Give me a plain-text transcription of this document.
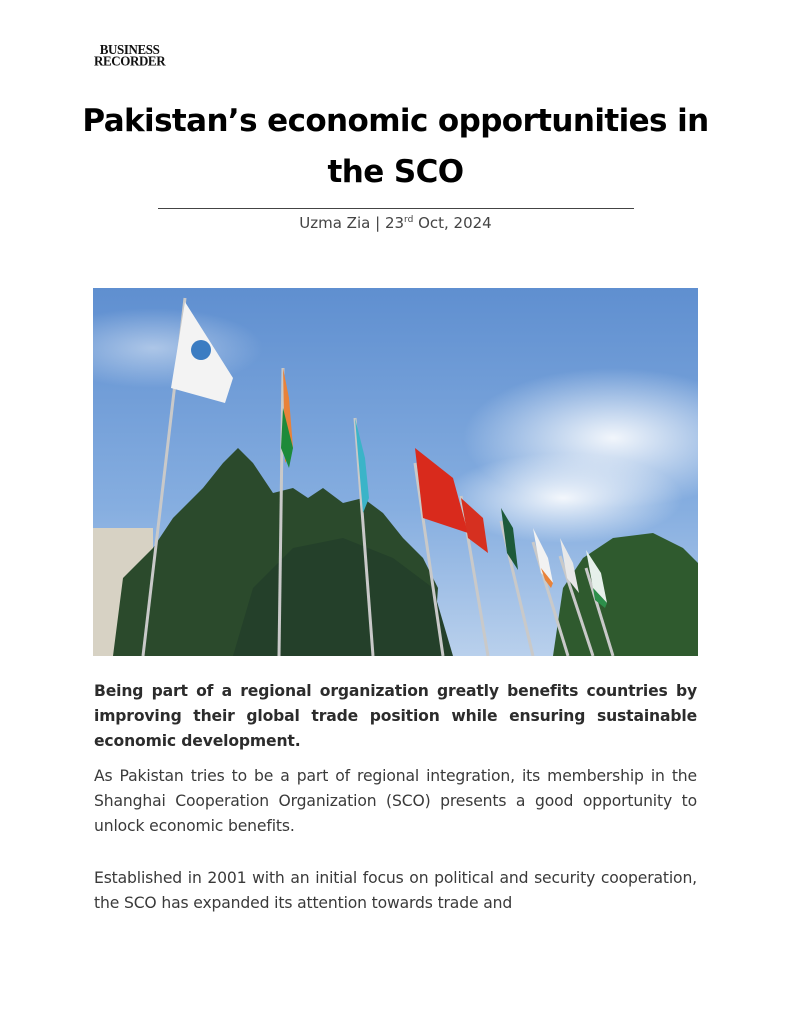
BUSINESS
RECORDER
Pakistan’s economic opportunities in the SCO
Uzma Zia | 23rd Oct, 2024

Being part of a regional organization greatly benefits countries by improving their global trade position while ensuring sustainable economic development.

As Pakistan tries to be a part of regional integration, its membership in the Shanghai Cooperation Organization (SCO) presents a good opportunity to unlock economic benefits.

Established in 2001 with an initial focus on political and security cooperation, the SCO has expanded its attention towards trade and
